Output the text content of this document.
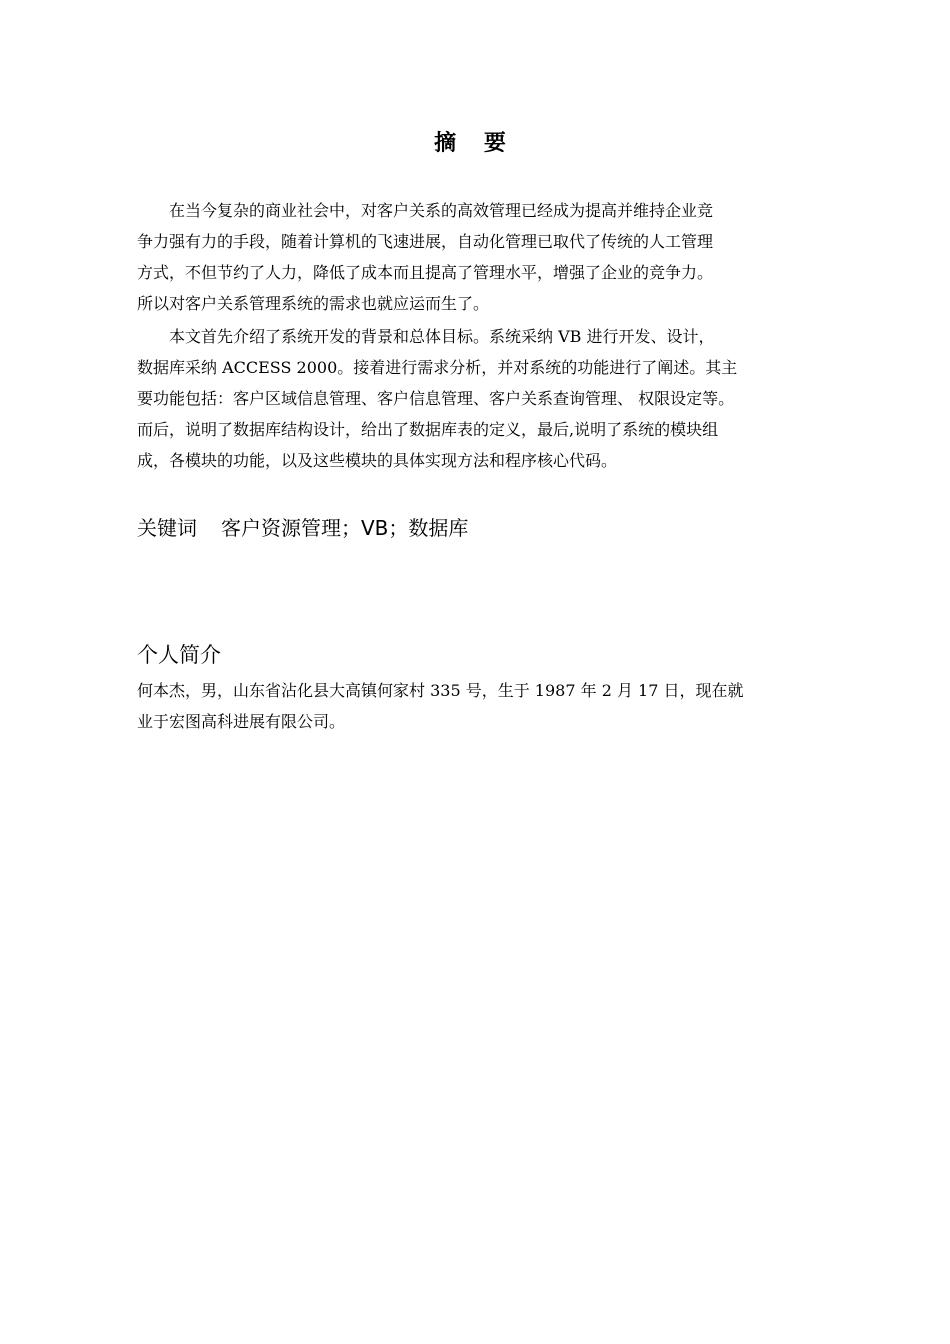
摘 要

　　在当今复杂的商业社会中，对客户关系的高效管理已经成为提高并维持企业竞

争力强有力的手段，随着计算机的飞速进展，自动化管理已取代了传统的人工管理

方式，不但节约了人力，降低了成本而且提高了管理水平，增强了企业的竞争力。

所以对客户关系管理系统的需求也就应运而生了。

　　本文首先介绍了系统开发的背景和总体目标。系统采纳 VB 进行开发、设计，

数据库采纳 ACCESS 2000。接着进行需求分析，并对系统的功能进行了阐述。其主

要功能包括：客户区域信息管理、客户信息管理、客户关系查询管理、 权限设定等。

而后，说明了数据库结构设计，给出了数据库表的定义，最后,说明了系统的模块组

成，各模块的功能，以及这些模块的具体实现方法和程序核心代码。

关键词 客户资源管理；VB；数据库
个人简介

何本杰，男，山东省沾化县大高镇何家村 335 号，生于 1987 年 2 月 17 日，现在就

业于宏图高科进展有限公司。
